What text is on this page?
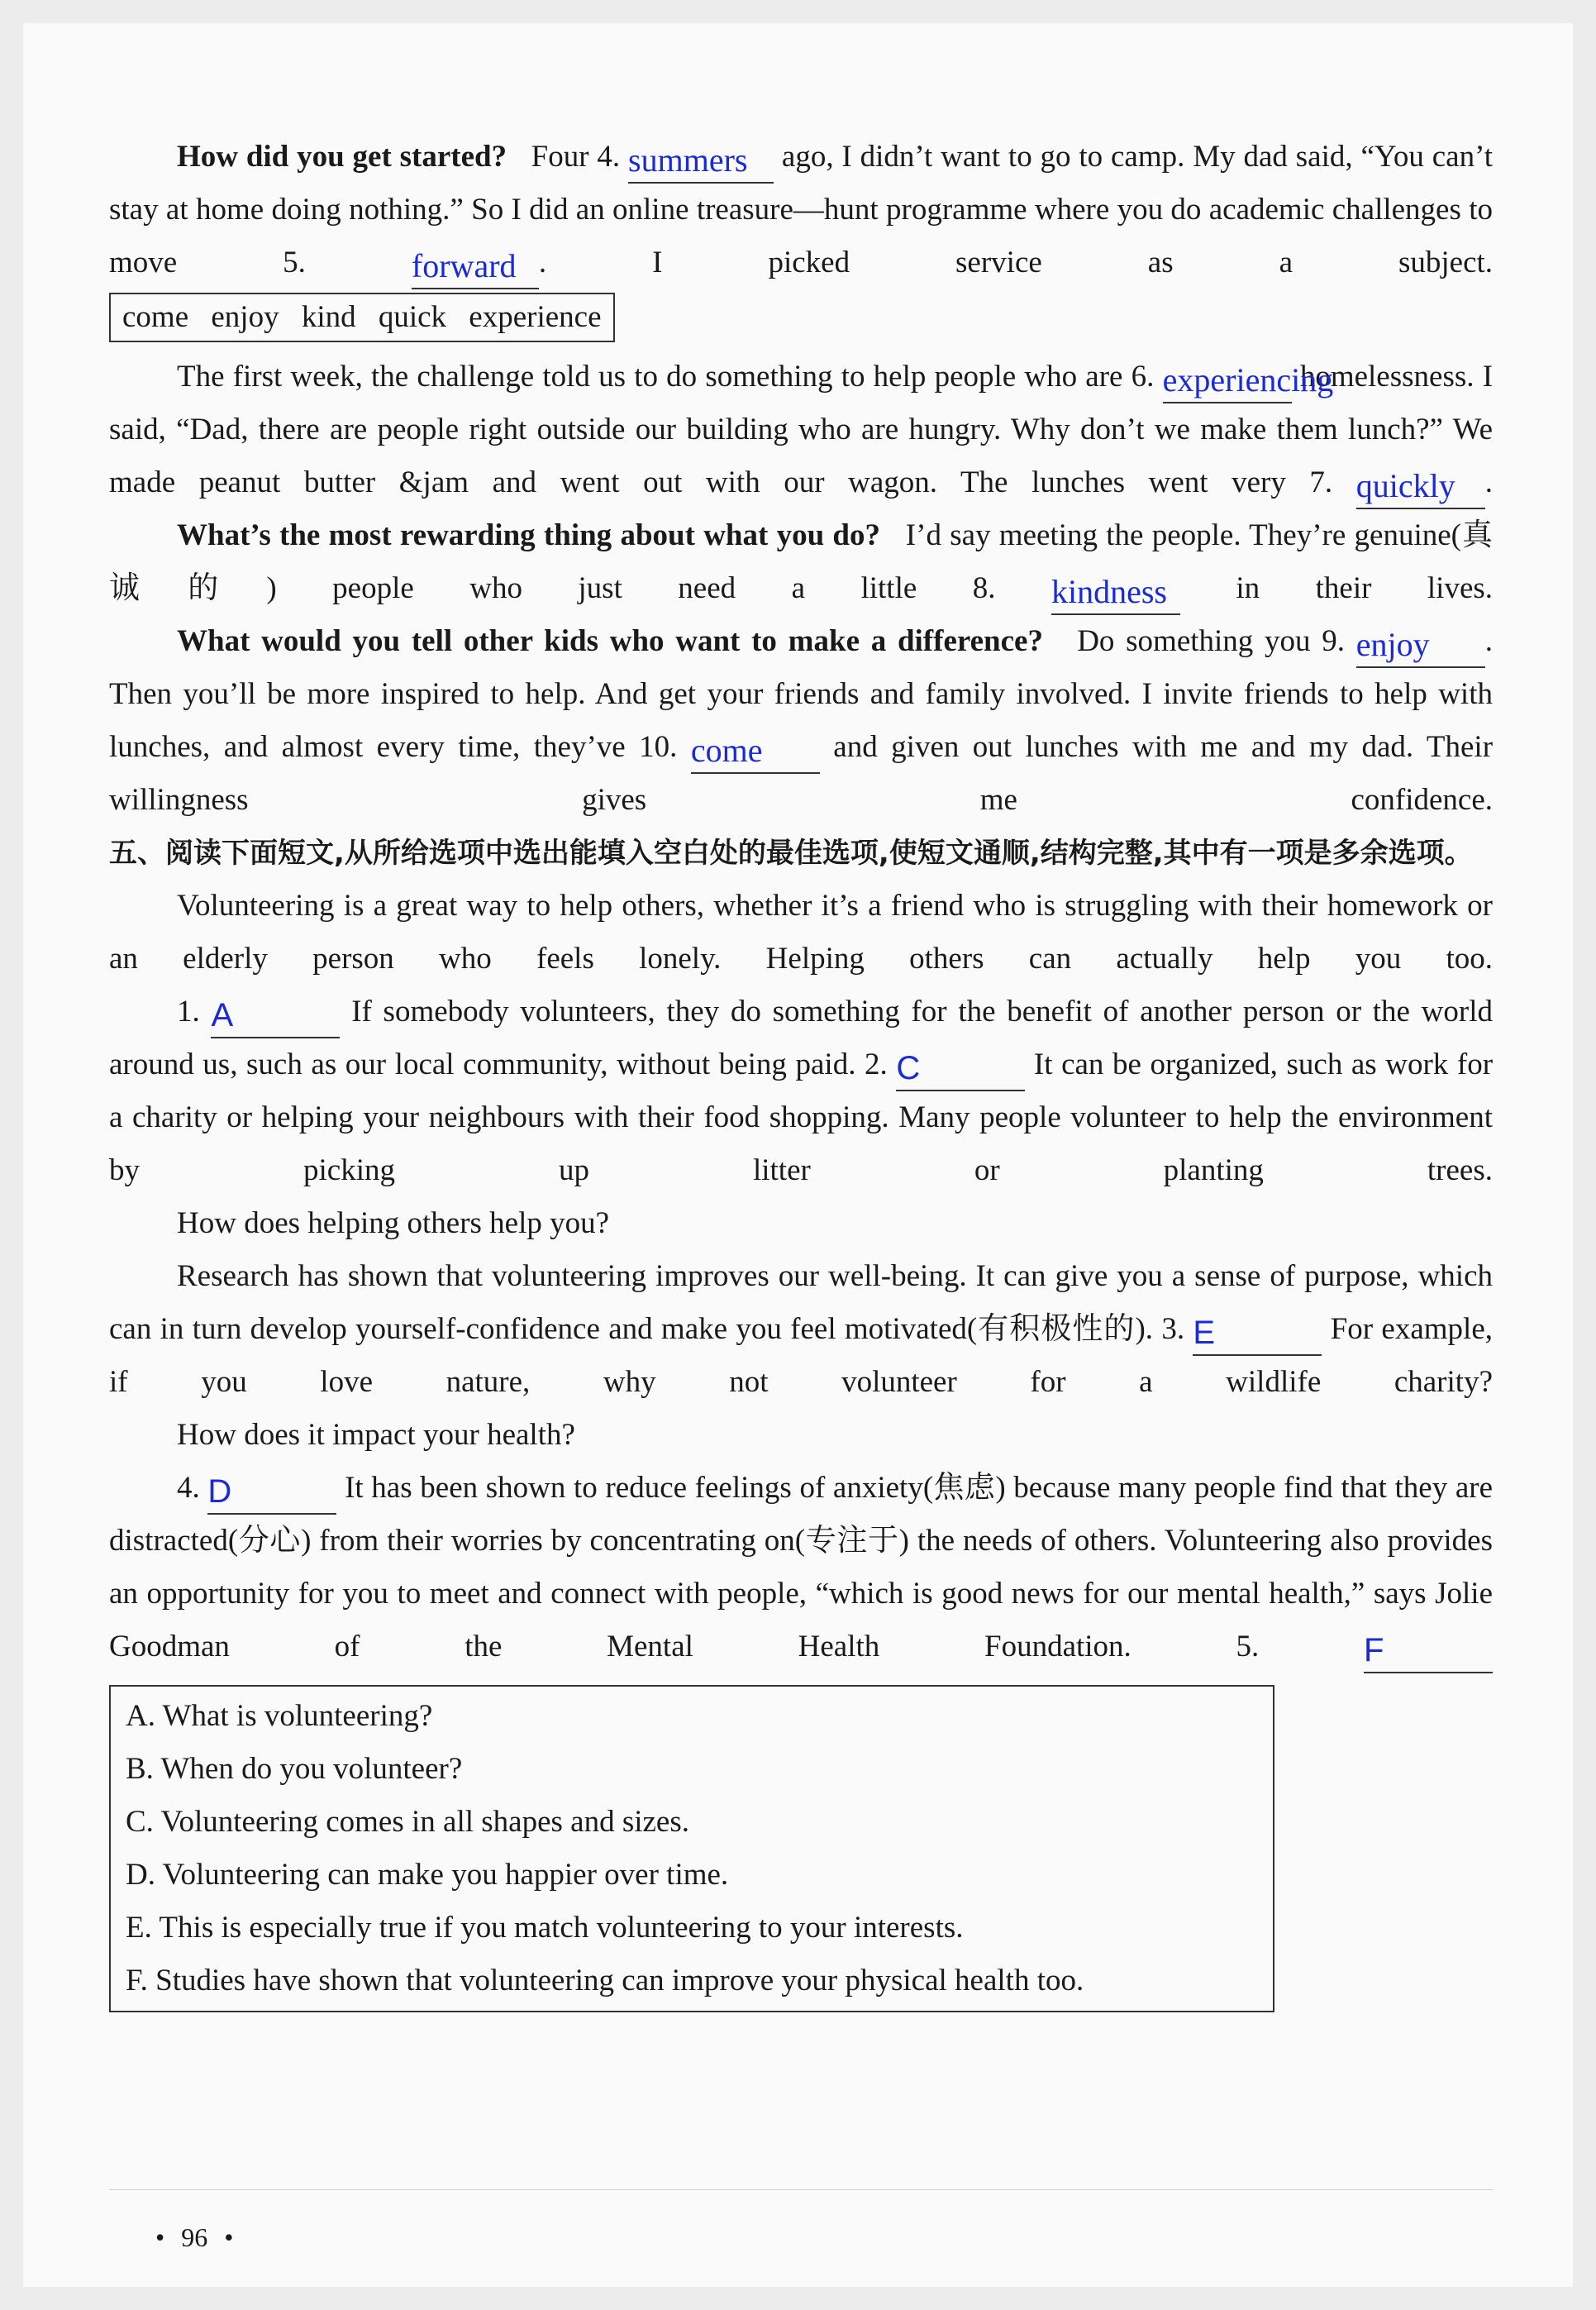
How did you get started? Four 4. summers	ago, I didn’t want to go to camp. My dad said, “You can’t stay at home doing nothing.” So I did an online treasure—hunt programme where you do academic challenges to move 5.	forward . I picked service as a subject.

come enjoy kind quick experience

The first week, the challenge told us to do something to help people who are 6. experiencing
homelessness. I said, “Dad, there are people right outside our building who are hungry. Why don’t we make them lunch?” We made peanut butter &jam and went out with our wagon. The lunches went very 7. quickly .

What’s the most rewarding thing about what you do? I’d say meeting the people. They’re genuine(真诚的) people who just need a little 8. kindness	in their lives.

What would you tell other kids who want to make a difference? Do something you 9. enjoy	. Then you’ll be more inspired to help. And get your friends and family involved. I invite friends to help with lunches, and almost every time, they’ve 10. come	and given out lunches with me and my dad. Their willingness gives me confidence.

五、阅读下面短文,从所给选项中选出能填入空白处的最佳选项,使短文通顺,结构完整,其中有一项是多余选项。

Volunteering is a great way to help others, whether it’s a friend who is struggling with their homework or an elderly person who feels lonely. Helping others can actually help you too.

1. A	If somebody volunteers, they do something for the benefit of another person or the world around us, such as our local community, without being paid. 2. C	It can be organized, such as work for a charity or helping your neighbours with their food shopping. Many people volunteer to help the environment by picking up litter or planting trees.

How does helping others help you?

Research has shown that volunteering improves our well-being. It can give you a sense of purpose, which can in turn develop yourself-confidence and make you feel motivated(有积极性的). 3. E	For example, if you love nature, why not volunteer for a wildlife charity?

How does it impact your health?

4. D	It has been shown to reduce feelings of anxiety(焦虑) because many people find that they are distracted(分心) from their worries by concentrating on(专注于) the needs of others. Volunteering also provides an opportunity for you to meet and connect with people, “which is good news for our mental health,” says Jolie Goodman of the Mental Health Foundation. 5.	F

A. What is volunteering?
B. When do you volunteer?
C. Volunteering comes in all shapes and sizes.
D. Volunteering can make you happier over time.
E. This is especially true if you match volunteering to your interests.
F. Studies have shown that volunteering can improve your physical health too.
• 96 •
